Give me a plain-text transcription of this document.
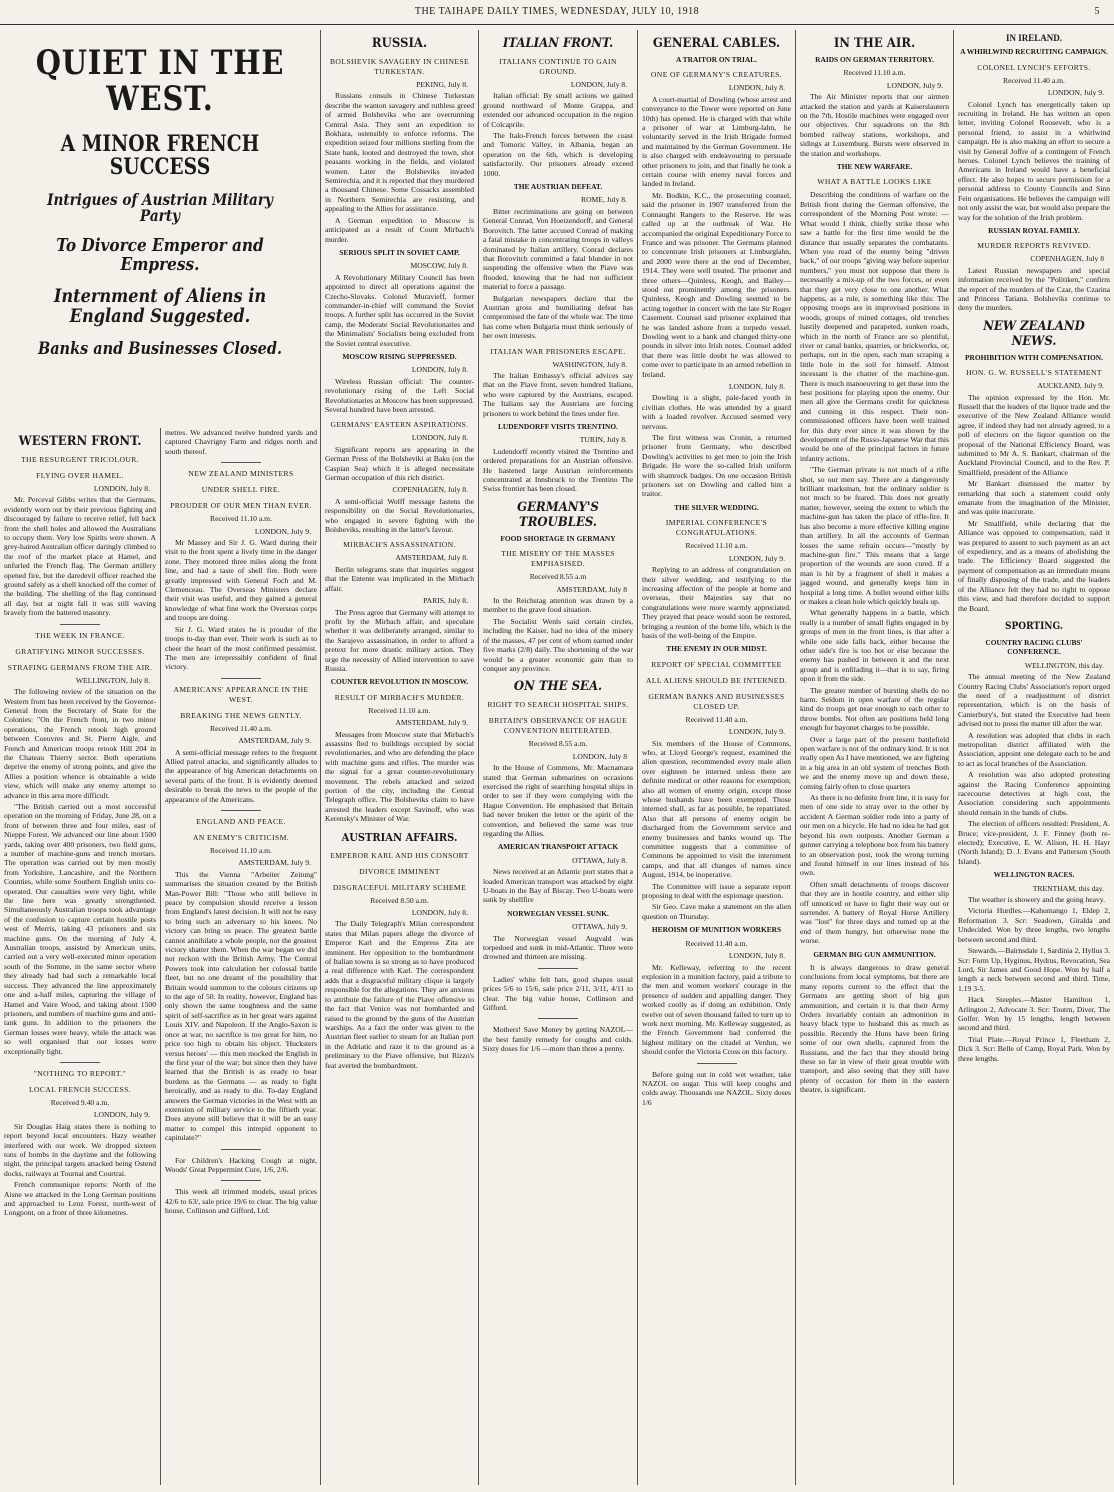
THE TAIHAPE DAILY TIMES, WEDNESDAY, JULY 10, 1918	5
QUIET IN THE WEST.
A MINOR FRENCH SUCCESS
Intrigues of Austrian Military Party
To Divorce Emperor and Empress.
Internment of Aliens in England Suggested.
Banks and Businesses Closed.
WESTERN FRONT.
THE RESURGENT TRICOLOUR.
FLYING OVER HAMEL.
LONDON, July 8.

Mr. Perceval Gibbs writes that the Germans, evidently worn out by their previous fighting and discouraged by failure to receive relief, fell back from the shell holes and allowed the Australians to occupy them. Very low Spirits were shown. A grey-haired Australian officer daringly climbed to the roof of the market place at Hamel, and unfurled the French flag. The German artillery opened fire, but the daredevil officer reached the ground safely as a shell knocked off the corner of the building. The shelling of the flag continued all day, but at night fall it was still waving bravely from the battered masonry.

THE WEEK IN FRANCE.
GRATIFYING MINOR SUCCESSES.
STRAFING GERMANS FROM THE AIR.
WELLINGTON, July 8.

The following review of the situation on the Western front has been received by the Governor-General from the Secretary of State for the Colonies: "On the French front, in two minor operations, the French retook high ground between Coeuvres and St. Pierre Aigle, and French and American troops retook Hill 204 in the Chateau Thierry sector. Both operations deprive the enemy of strong points, and give the Allies a position whence is obtainable a wide view, which will make any enemy attempt to advance in this area more difficult.

"The British carried out a most successful operation on the morning of Friday, June 28, on a front of between three and four miles, east of Nieppe Forest. We advanced our line about 1500 yards, taking over 400 prisoners, two field guns, a number of machine-guns and trench mortars. The operation was carried out by men mostly from Yorkshire, Lancashire, and the Northern Counties, while some Southern English units co-operated. Our casualties were very light, while the line here was greatly strengthened. Simultaneously Australian troops took advantage of the confusion to capture certain hostile posts west of Merris, taking 43 prisoners and six machine guns. On the morning of July 4, Australian troops, assisted by American units, carried out a very well-executed minor operation south of the Somme, in the same sector where they already had had such a remarkable local success. They advanced the line approximately one and a-half miles, capturing the village of Hamel and Vaire Wood, and taking about 1500 prisoners, and numbers of machine guns and anti-tank guns. In addition to the prisoners the German losses were heavy, while the attack was so well organised that our losses were exceptionally light.

"NOTHING TO REPORT."
LOCAL FRENCH SUCCESS.
Received 9.40 a.m.
LONDON, July 9.

Sir Douglas Haig states there is nothing to report beyond local encounters. Hazy weather interfered with our work. We dropped sixteen tons of bombs in the daytime and the following night, the principal targets attacked being Ostend docks, railways at Tournai and Courtrai.

French communique reports: North of the Aisne we attacked in the Long German positions and approached to Lenz Forest, north-west of Longpont, on a front of three kilometres.

metres. We advanced twelve hundred yards and captured Chavrigny Farm and ridges north and south thereof.

NEW ZEALAND MINISTERS
UNDER SHELL FIRE.
PROUDER OF OUR MEN THAN EVER.
Received 11.10 a.m.
LONDON, July 9.

Mr Massey and Sir J. G. Ward during their visit to the front spent a lively time in the danger zone. They motored three miles along the front line, and had a taste of shell fire. Both were greatly impressed with General Foch and M. Clemenceau. The Overseas Ministers declare their visit was useful, and they gained a general knowledge of what fine work the Overseas corps and troops are doing.

Sir J. G. Ward states he is prouder of the troops to-day than ever. Their work is such as to cheer the heart of the most confirmed pessimist. The men are irrepressibly confident of final victory.

AMERICANS' APPEARANCE IN THE WEST.
BREAKING THE NEWS GENTLY.
Received 11.40 a.m.
AMSTERDAM, July 9.

A semi-official message refers to the frequent Allied patrol attacks, and significantly alludes to the appearance of big American detachments on several parts of the front. It is evidently deemed desirable to break the news to the people of the appearance of the Americans.

ENGLAND AND PEACE.
AN ENEMY'S CRITICISM.
Received 11.10 a.m.
AMSTERDAM, July 9.

This the Vienna "Arbeiter Zeitung" summarises the situation created by the British Man-Power Bill: "Those who still believe in peace by compulsion should receive a lesson from England's latest decision. It will not be easy to bring such an adversary to his knees. No victory can bring us peace. The greatest battle cannot annihilate a whole people, nor the greatest victory shatter them. When the war began we did not reckon with the British Army. The Central Powers took into calculation her colossal battle fleet, but no one dreamt of the possibility that Britain would summon to the colours citizens up to the age of 50. In reality, however, England has only shown the same toughness and the same spirit of self-sacrifice as in her great wars against Louis XIV. and Napoleon. If the Anglo-Saxon is once at war, no sacrifice is too great for him, no price too high to obtain his object. 'Hucksters versus heroes' — this men mocked the English in the first year of the war; but since then they have learned that the British is as ready to bear burdens as the Germans — as ready to fight heroically, and as ready to die. To-day England answers the German victories in the West with an extension of military service to the fiftieth year. Does anyone still believe that it will be an easy matter to compel this intrepid opponent to capitulate?"

For Children's Hacking Cough at night, Woods' Great Peppermint Cure, 1/6, 2/6.

This week all trimmed models, usual prices 42/6 to 63/, sale price 19/6 to clear. The big value house, Collinson and Gifford, Ltd.

RUSSIA.
BOLSHEVIK SAVAGERY IN CHINESE TURKESTAN.
PEKING, July 8.

Russians consuls in Chinese Turkestan describe the wanton savagery and ruthless greed of armed Bolsheviks who are overrunning Central Asia. They sent an expedition to Bokhara, ostensibly to enforce reforms. The expedition seized four millions sterling from the State bank, looted and destroyed the town, shot peasants working in the fields, and violated women. Later the Bolsheviks invaded Semirechia, and it is reported that they murdered a thousand Chinese. Some Cossacks assembled in Northern Semirechia are resisting, and appealing to the Allies for assistance.

A German expedition to Moscow is anticipated as a result of Count Mirbach's murder.

SERIOUS SPLIT IN SOVIET CAMP.
MOSCOW, July 8.

A Revolutionary Military Council has been appointed to direct all operations against the Czecho-Slovaks. Colonel Muravieff, former commander-in-chief will command the Soviet troops. A further split has occurred in the Soviet camp, the Moderate Social Revolutionaries and the Minimalists' Socialists being excluded from the Soviet central executive.

MOSCOW RISING SUPPRESSED.
LONDON, July 8.

Wireless Russian official: The counter-revolutionary rising of the Left Social Revolutionaries at Moscow has been suppressed. Several hundred have been arrested.

GERMANS' EASTERN ASPIRATIONS.
LONDON, July 8.

Significant reports are appearing in the German Press of the Bolsheviki at Baku (on the Caspian Sea) which it is alleged necessitate German occupation of this rich district.

COPENHAGEN, July 8.

A semi-official Wolff message fastens the responsibility on the Social Revolutionaries, who engaged in severe fighting with the Bolsheviks, resulting in the latter's favour.

MIRBACH'S ASSASSINATION.
AMSTERDAM, July 8.

Berlin telegrams state that inquiries suggest that the Entente was implicated in the Mirbach affair.

PARIS, July 8.

The Press agree that Germany will attempt to profit by the Mirbach affair, and speculate whether it was deliberately arranged, similar to the Sarajevo assassination, in order to afford a pretext for more drastic military action. They urge the necessity of Allied intervention to save Russia.

COUNTER REVOLUTION IN MOSCOW.
RESULT OF MIRBACH'S MURDER.
Received 11.10 a.m.
AMSTERDAM, July 9.

Messages from Moscow state that Mirbach's assassins fled to buildings occupied by social revolutionaries, and who are defending the place with machine guns and rifles. The murder was the signal for a great counter-revolutionary movement. The rebels attacked and seized portion of the city, including the Central Telegraph office. The Bolsheviks claim to have arrested the leaders except Savinoff, who was Kerensky's Minister of War.

AUSTRIAN AFFAIRS.
EMPEROR KARL AND HIS CONSORT
DIVORCE IMMINENT
DISGRACEFUL MILITARY SCHEME
Received 8.50 a.m.
LONDON, July 8.

The Daily Telegraph's Milan correspondent states that Milan papers allege the divorce of Emperor Karl and the Empress Zita are imminent. Her opposition to the bombardment of Italian towns is so strong as to have produced a real difference with Karl. The correspondent adds that a disgraceful military clique is largely responsible for the allegations. They are anxious to attribute the failure of the Piave offensive to the fact that Venice was not bombarded and raised to the ground by the guns of the Austrian warships. As a fact the order was given to the Austrian fleet earlier to steam for an Italian port in the Adriatic and raze it to the ground as a preliminary to the Piave offensive, but Rizzo's feat averted the bombardment.

ITALIAN FRONT.
ITALIANS CONTINUE TO GAIN GROUND.
LONDON, July 8.

Italian official: By small actions we gained ground northward of Monte Grappa, and extended our advanced occupation in the region of Colcaprile.

The Italo-French forces between the coast and Tomoric Valley, in Albania, began an operation on the 6th, which is developing satisfactorily. Our prisoners already exceed 1000.

THE AUSTRIAN DEFEAT.
ROME, July 8.

Bitter recriminations are going on between General Conrad, Von Hoetzendorff, and General Borovitch. The latter accused Conrad of making a fatal mistake in concentrating troops in valleys dominated by Italian artillery. Conrad declares that Borovitch committed a fatal blunder in not suspending the offensive when the Piave was flooded, knowing that he had not sufficient material to force a passage.

Bulgarian newspapers declare that the Austrian gross and humiliating defeat has compromised the fate of the whole war. The time has come when Bulgaria must think seriously of her own interests.

ITALIAN WAR PRISONERS ESCAPE.
WASHINGTON, July 8.

The Italian Embassy's official advices say that on the Piave front, seven hundred Italians, who were captured by the Austrians, escaped. The Italians say the Austrians are forcing prisoners to work behind the lines under fire.

LUDENDORFF VISITS TRENTINO.
TURIN, July 8.

Ludendorff recently visited the Trentino and ordered preparations for an Austrian offensive. He hastened large Austrian reinforcements concentrated at Innsbruck to the Trentino The Swiss frontier has been closed.

GERMANY'S TROUBLES.
FOOD SHORTAGE IN GERMANY
THE MISERY OF THE MASSES EMPHASISED.
Received 8.55 a.m
AMSTERDAM, July 8

In the Reichstag attention was drawn by a member to the grave food situation.

The Socialist Wenls said certain circles, including the Kaiser, had no idea of the misery of the masses, 47 per cent of whom earned under five marks (2/8) daily. The shortening of the war would be a greater economic gain than to conquer any province.

ON THE SEA.
RIGHT TO SEARCH HOSPITAL SHIPS.
BRITAIN'S OBSERVANCE OF HAGUE CONVENTION REITERATED.
Received 8.55 a.m.
LONDON, July 8

In the House of Commons, Mr. Macnamara stated that German submarines on occasions exercised the right of searching hospital ships in order to see if they were complying with the Hague Convention. He emphasised that Britain had never broken the letter or the spirit of the convention, and believed the same was true regarding the Allies.

AMERICAN TRANSPORT ATTACK
OTTAWA, July 8.

News received at an Atlantic port states that a loaded American transport was attacked by eight U-boats in the Bay of Biscay. Two U-boats were sunk by shellfire

NORWEGIAN VESSEL SUNK.
OTTAWA, July 9.

The Norwegian vessel Augvald was torpedoed and sunk in mid-Atlantic. Three were drowned and thirteen are missing.

Ladies' white felt hats, good shapes usual prices 5/6 to 15/6, sale price 2/11, 3/11, 4/11 to clear. The big value house, Collinson and Gifford.

Mothers! Save Money by getting NAZOL—the best family remedy for coughs and colds. Sixty doses for 1/6 —more than three a penny.

GENERAL CABLES.
A TRAITOR ON TRIAL.
ONE OF GERMANY'S CREATURES.
LONDON, July 8.

A court-martial of Dowling (whose arrest and conveyance to the Tower were reported on June 10th) has opened. He is charged with that while a prisoner of war at Limburg-lahn, he voluntarily served in the Irish Brigade formed and maintained by the German Government. He is also charged with endeavouring to persuade other prisoners to join, and that finally he took a certain course with enemy naval forces and landed in Ireland.

Mr. Bodkin, K.C., the prosecuting counsel, said the prisoner in 1907 transferred from the Connaught Rangers to the Reserve. He was called up at the outbreak of War. He accompanied the original Expeditionary Force to France and was prisoner. The Germans planned to concentrate Irish prisoners at Limburglahn, and 2000 were there at the end of December, 1914. They were well treated. The prisoner and three others—Quinless, Keogh, and Bailey—stood out prominently among the prisoners. Quinless, Keogh and Dowling seemed to be acting together in concert with the late Sir Roger Casement. Counsel said prisoner explained that he was landed ashore from a torpedo vessel. Dowling went to a bank and changed thirty-one pounds in silver into Irish notes. Counsel added that there was little doubt he was allowed to come over to participate in an armed rebellion in Ireland.

LONDON, July 8.

Dowling is a slight, pale-faced youth in civilian clothes. He was attended by a guard with a loaded revolver. Accused seemed very nervous.

The first witness was Cronin, a returned prisoner from Germany, who described Dowling's activities to get men to join the Irish Brigade. He wore the so-called Irish uniform with shamrock badges. On one occasion British prisoners set on Dowling and called him a traitor.

THE SILVER WEDDING.
IMPERIAL CONFERENCE'S CONGRATULATIONS.
Received 11.10 a.m.
LONDON, July 9.

Replying to an address of congratulation on their silver wedding, and testifying to the increasing affection of the people at home and overseas, their Majesties say that no congratulations were more warmly appreciated. They prayed that peace would soon be restored, bringing a reunion of the home life, which is the basis of the well-being of the Empire.

THE ENEMY IN OUR MIDST.
REPORT OF SPECIAL COMMITTEE
ALL ALIENS SHOULD BE INTERNED.
GERMAN BANKS AND BUSINESSES CLOSED UP.
Received 11.40 a.m.
LONDON, July 9.

Six members of the House of Commons, who, at Lloyd George's request, examined the alien question, recommended every male alien over eighteen be interned unless there are definite medical or other reasons for exemption; also all women of enemy origin, except those whose husbands have been exempted. Those interned shall, as far as possible, be repatriated. Also that all persons of enemy origin be discharged from the Government service and enemy businesses and banks wound up. The committee suggests that a committee of Commons be appointed to visit the internment camps, and that all changes of names since August, 1914, be inoperative.

The Committee will issue a separate report proposing to deal with the espionage question.

Sir Geo. Cave make a statement on the alien question on Thursday.

HEROISM OF MUNITION WORKERS
Received 11.40 a.m.
LONDON, July 8.

Mr. Kelleway, referring to the recent explosion in a munition factory, paid a tribute to the men and women workers' courage in the presence of sudden and appalling danger. They worked coolly as if doing an exhibition. Only twelve out of seven thousand failed to turn up to work next morning. Mr. Kelleway suggested, as the French Government had conferred the highest military on the citadel at Verdun, we should confer the Victoria Cross on this factory.

Before going out in cold wet weather, take NAZOL on sugar. This will keep coughs and colds away. Thousands use NAZOL. Sixty doses 1/6

IN THE AIR.
RAIDS ON GERMAN TERRITORY.
Received 11.10 a.m.
LONDON, July 9.

The Air Minister reports that our airmen attacked the station and yards at Kaiserslautern on the 7th. Hostile machines were engaged over our objectives. Our squadrons on the 8th bombed railway stations, workshops, and sidings at Luxemburg. Bursts were observed in the station and workshops.

THE NEW WARFARE.
WHAT A BATTLE LOOKS LIKE

Describing the conditions of warfare on the British front during the German offensive, the correspondent of the Morning Post wrote: —What would I think, chiefly strike those who saw a battle for the first time would be the distance that usually separates the combatants. When you read of the enemy being "driven back," of our troops "giving way before superior numbers," you must not suppose that there is necessarily a mix-up of the two forces, or even that they get very close to one another. What happens, as a rule, is something like this: The opposing troops are in improvised positions in woods, groups of ruined cottages, old trenches hastily deepened and parapeted, sunken roads, which in the north of France are so plentiful, river or canal banks, quarries, or brickworks, or, perhaps, out in the open, each man scraping a little hole in the soil for himself. Almost incessant is the chatter of the machine-gun. There is much manoeuvring to get these into the best positions for playing upon the enemy. Our men all give the Germans credit for quickness and cunning in this respect. Their non-commissioned officers have been well trained for this duty ever since it was shown by the development of the Russo-Japanese War that this would be one of the principal factors in future infantry actions.

"The German private is not much of a rifle shot, so our men say. There are a dangerously brilliant marksman, but the ordinary soldier is not much to be feared. This does not greatly matter, however, seeing the extent to which the machine-gun has taken the place of rifle-fire. It has also become a more effective killing engine than artillery. In all the accounts of German losses the same refrain occurs—"mostly by machine-gun fire." This means that a large proportion of the wounds are soon cured. If a man is hit by a fragment of shell it makes a jagged wound, and generally keeps him in hospital a long time. A bullet wound either kills or makes a clean hole which quickly heals up.

What generally happens in a battle, which really is a number of small fights engaged in by groups of men in the front lines, is that after a while one side falls back, either because the other side's fire is too hot or else because the enemy has pushed in between it and the next group and is enfilading it—that is to say, firing upon it from the side.

The greater number of bursting shells do no harm. Seldom in open warfare of the regular kind do troops get near enough to each other to throw bombs. Not often are positions held long enough for bayonet charges to be possible.

Over a large part of the present battlefield open warfare is not of the ordinary kind. It is not really open As I have mentioned, we are fighting in a big area in an old system of trenches Both we and the enemy move up and down these, coming fairly often to close quarters

As there is no definite front line, it is easy for men of one side to stray over to the other by accident A German soldier rode into a party of our men on a bicycle. He had no idea he had got beyond his own outposts. Another German a gunner carrying a telephone box from his battery to an observation post, took the wrong turning and found himself in our lines instead of his own.

Often small detachments of troops discover that they are in hostile country, and either slip off unnoticed or have to fight their way out or surrender. A battery of Royal Horse Artillery was "lost" for three days and tumed up at the end of them hungry, but otherwise none the worse.

GERMAN BIG GUN AMMUNITION.

It is always dangerous to draw general conclusions from local symptoms, but there are many reports current to the effect that the Germans are getting short of big gun ammunition, and certain it is that their Army Orders invariably contain an admonition in heavy black type to husband this as much as possible. Recently the Huns have been firing some of our own shells, captured from the Russians, and the fact that they should bring these so far in view of their great trouble with transport, and also seeing that they still have plenty of occasion for them in the eastern theatre, is significant.

IN IRELAND.
A WHIRLWIND RECRUITING CAMPAIGN.
COLONEL LYNCH'S EFFORTS.
Received 11.40 a.m.
LONDON, July 9.

Colonel Lynch has energetically taken up recruiting in Ireland. He has written an open letter, inviting Colonel Roosevelt, who is a personal friend, to assist in a whirlwind campaign. He is also making an effort to secure a visit by General Joffre of a contingent of French heroes. Colonel Lynch believes the training of Americans in Ireland would have a beneficial effect. He also hopes to secure permission for a personal address to County Councils and Sinn Fein organisations. He believes the campaign will not only assist the war, but would also prepare the way for the solution of the Irish problem.

RUSSIAN ROYAL FAMILY.
MURDER REPORTS REVIVED.
COPENHAGEN, July 8

Latest Russian newspapers and special information received by the "Politiken," confirm the report of the murders of the Czar, the Czarina and Princess Tatiana. Bolsheviks continue to deny the murders.

NEW ZEALAND NEWS.
PROHIBITION WITH COMPENSATION.
HON. G. W. RUSSELL'S STATEMENT
AUCKLAND, July 9.

The opinion expressed by the Hon. Mr. Russell that the leaders of the liquor trade and the executive of the New Zealand Alliance would agree, if indeed they had not already agreed, to a poll of electors on the liquor question on the proposal of the National Efficiency Board, was submitted to Mr A. S. Bankart, chairman of the Auckland Provincial Council, and to the Rev. P. Smallfield, president of the Alliance

Mr Bankart dismissed the matter by remarking that such a statement could only emanate from the imagination of the Minister, and was quite inaccurate.

Mr Smallfield, while declaring that the Alliance was opposed to compensation, said it was prepared to assent to such payment as an act of expediency, and as a means of abolishing the trade. The Efficiency Board suggested the payment of compensation as an immediate means of finally disposing of the trade, and the leaders of the Alliance felt they had no right to oppose this view, and had therefore decided to support the Board.

SPORTING.
COUNTRY RACING CLUBS' CONFERENCE.
WELLINGTON, this day.

The annual meeting of the New Zealand Country Racing Clubs' Association's report urged the need of a readjustment of district representation, which is on the basis of Canterbury's, but stated the Executive had been advised not to press the matter till after the war.

A resolution was adopted that clubs in each metropolitan district affiliated with the Association, appoint one delegate each to be and to act as local branches of the Association.

A resolution was also adopted protesting against the Racing Conference appointing racecourse detectives at high cost, the Association considering such appointments should remain in the hands of clubs.

The election of officers resulted: President, A. Bruce; vice-president, J. F. Finney (both re-elected); Executive, E. W. Alison, H. H. Hayr (North Island); D. J. Evans and Patterson (South Island).

WELLINGTON RACES.
TRENTHAM, this day.

The weather is showery and the going heavy.

Victoria Hurdles.—Kahumango 1, Eldep 2, Reformation 3. Scr: Seadown, Giralda and Undecided. Won by three lengths, two lengths between second and third.

Stewards.—Bairnsdale 1, Sardinia 2, Hyllus 3. Scr: Form Up, Hyginus, Hydrus, Revocation, Sea Lord, Sir James and Good Hope. Won by half a length a neck between second and third. Time, 1.19 3-5.

Hack Steeples.—Master Hamilton 1, Arlington 2, Advocate 3. Scr: Toutrn, Diver, The Golfer. Won by 15 lengths, length between second and third.

Trial Plate.—Royal Prince 1, Fleetham 2, Dick 3. Scr: Belle of Camp, Royal Park. Won by three lengths.
